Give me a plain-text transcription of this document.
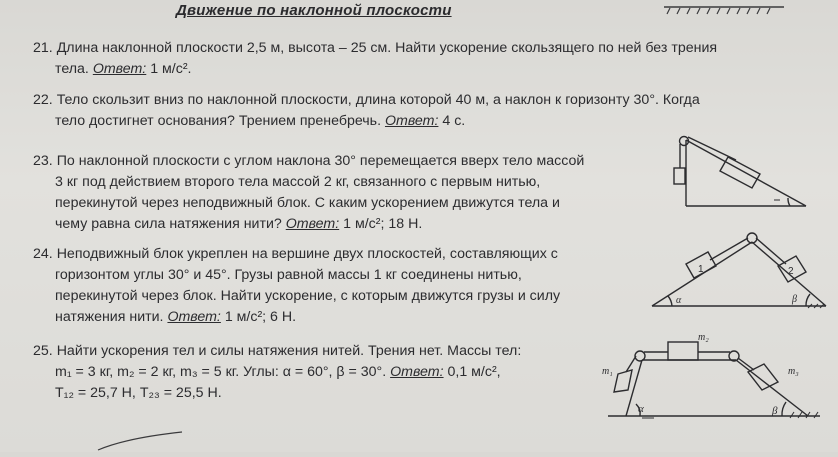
Движение по наклонной плоскости
21. Длина наклонной плоскости 2,5 м, высота – 25 см. Найти ускорение скользящего по ней без трения
тела. Ответ: 1 м/с².
22. Тело скользит вниз по наклонной плоскости, длина которой 40 м, а наклон к горизонту 30°. Когда
тело достигнет основания? Трением пренебречь. Ответ: 4 с.
23. По наклонной плоскости с углом наклона 30° перемещается вверх тело массой
3 кг под действием второго тела массой 2 кг, связанного с первым нитью,
перекинутой через неподвижный блок. С каким ускорением движутся тела и
чему равна сила натяжения нити? Ответ: 1 м/с²; 18 Н.
24. Неподвижный блок укреплен на вершине двух плоскостей, составляющих с
горизонтом углы 30° и 45°. Грузы равной массы 1 кг соединены нитью,
перекинутой через блок. Найти ускорение, с которым движутся грузы и силу
натяжения нити. Ответ: 1 м/с²; 6 Н.
25. Найти ускорения тел и силы натяжения нитей. Трения нет. Массы тел:
m₁ = 3 кг, m₂ = 2 кг, m₃ = 5 кг. Углы: α = 60°, β = 30°. Ответ: 0,1 м/с²,
T₁₂ = 25,7 Н, T₂₃ = 25,5 Н.
1	2
α	β
m₁
m₂
m₃
α	β
